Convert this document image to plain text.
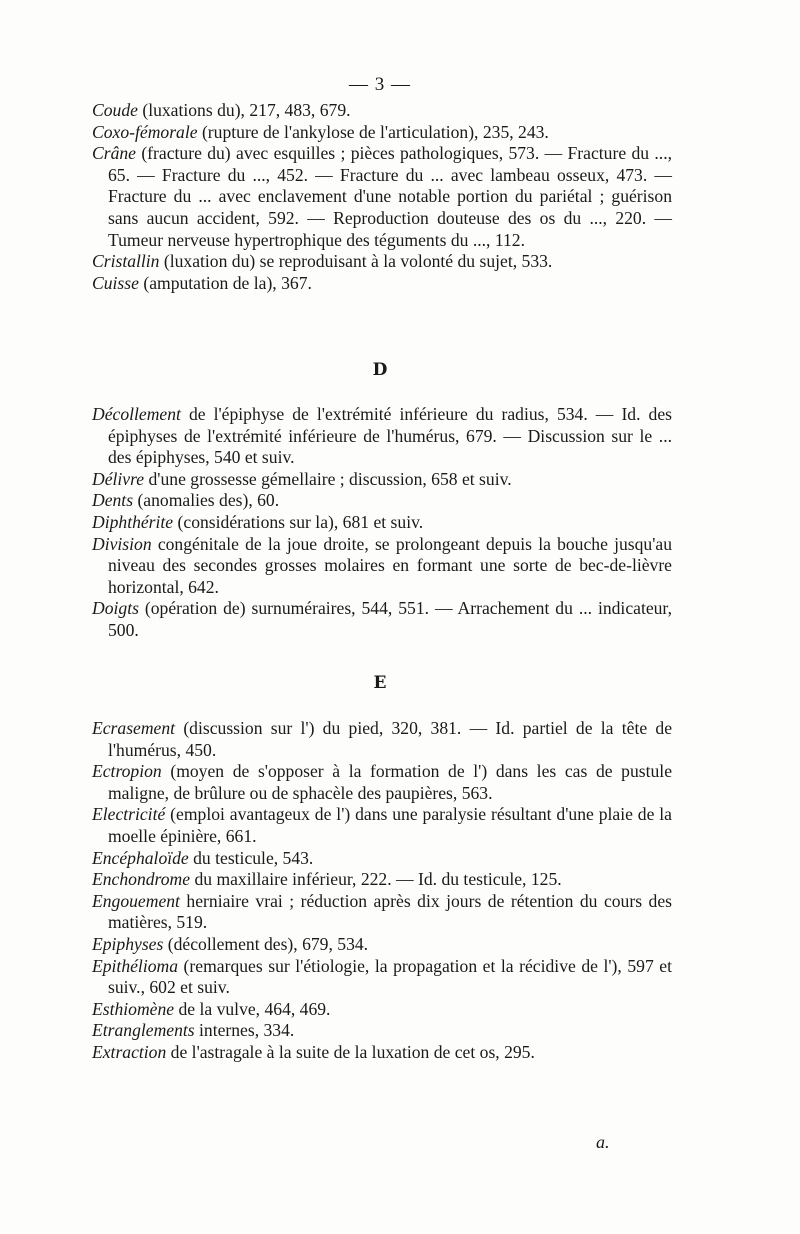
— 3 —

Coude (luxations du), 217, 483, 679.

Coxo-fémorale (rupture de l'ankylose de l'articulation), 235, 243.

Crâne (fracture du) avec esquilles ; pièces pathologiques, 573. — Fracture du ..., 65. — Fracture du ..., 452. — Fracture du ... avec lambeau osseux, 473. — Fracture du ... avec enclavement d'une notable portion du pariétal ; guérison sans aucun accident, 592. — Reproduction douteuse des os du ..., 220. — Tumeur nerveuse hypertrophique des téguments du ..., 112.

Cristallin (luxation du) se reproduisant à la volonté du sujet, 533.

Cuisse (amputation de la), 367.

D

Décollement de l'épiphyse de l'extrémité inférieure du radius, 534. — Id. des épiphyses de l'extrémité inférieure de l'humérus, 679. — Discussion sur le ... des épiphyses, 540 et suiv.

Délivre d'une grossesse gémellaire ; discussion, 658 et suiv.

Dents (anomalies des), 60.

Diphthérite (considérations sur la), 681 et suiv.

Division congénitale de la joue droite, se prolongeant depuis la bouche jusqu'au niveau des secondes grosses molaires en formant une sorte de bec-de-lièvre horizontal, 642.

Doigts (opération de) surnuméraires, 544, 551. — Arrachement du ... indicateur, 500.

E

Ecrasement (discussion sur l') du pied, 320, 381. — Id. partiel de la tête de l'humérus, 450.

Ectropion (moyen de s'opposer à la formation de l') dans les cas de pustule maligne, de brûlure ou de sphacèle des paupières, 563.

Electricité (emploi avantageux de l') dans une paralysie résultant d'une plaie de la moelle épinière, 661.

Encéphaloïde du testicule, 543.

Enchondrome du maxillaire inférieur, 222. — Id. du testicule, 125.

Engouement herniaire vrai ; réduction après dix jours de rétention du cours des matières, 519.

Epiphyses (décollement des), 679, 534.

Epithélioma (remarques sur l'étiologie, la propagation et la récidive de l'), 597 et suiv., 602 et suiv.

Esthiomène de la vulve, 464, 469.

Etranglements internes, 334.

Extraction de l'astragale à la suite de la luxation de cet os, 295.

a.
